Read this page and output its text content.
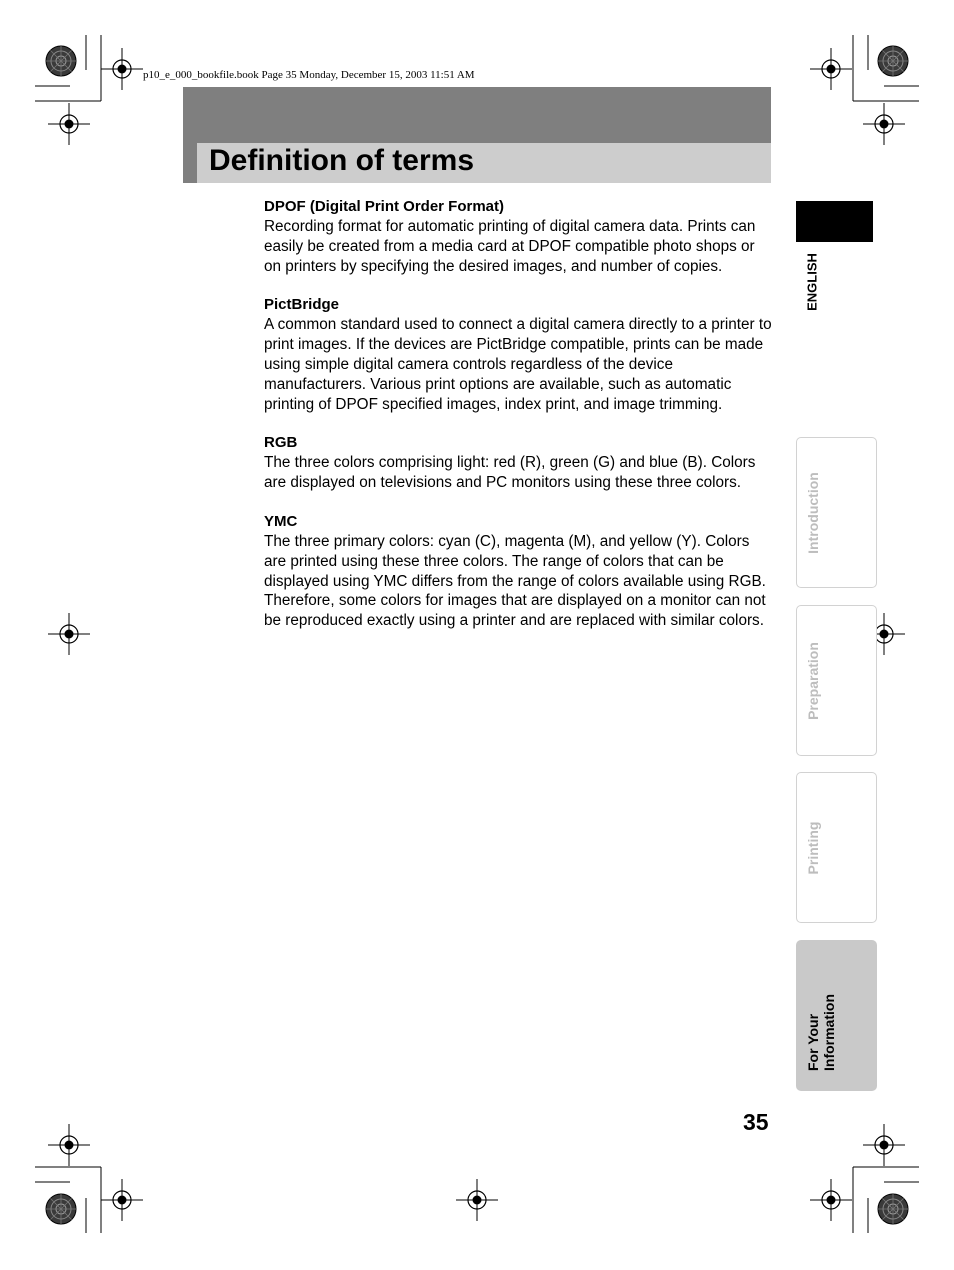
p10_e_000_bookfile.book Page 35 Monday, December 15, 2003 11:51 AM
Definition of terms

DPOF (Digital Print Order Format)

Recording format for automatic printing of digital camera data. Prints can easily be created from a media card at DPOF compatible photo shops or on printers by specifying the desired images, and number of copies.

PictBridge

A common standard used to connect a digital camera directly to a printer to print images. If the devices are PictBridge compatible, prints can be made using simple digital camera controls regardless of the device manufacturers. Various print options are available, such as automatic printing of DPOF specified images, index print, and image trimming.

RGB

The three colors comprising light: red (R), green (G) and blue (B). Colors are displayed on televisions and PC monitors using these three colors.

YMC

The three primary colors: cyan (C), magenta (M), and yellow (Y). Colors are printed using these three colors. The range of colors that can be displayed using YMC differs from the range of colors available using RGB. Therefore, some colors for images that are displayed on a monitor can not be reproduced exactly using a printer and are replaced with similar colors.

ENGLISH
Introduction
Preparation
Printing
For Your Information
35
